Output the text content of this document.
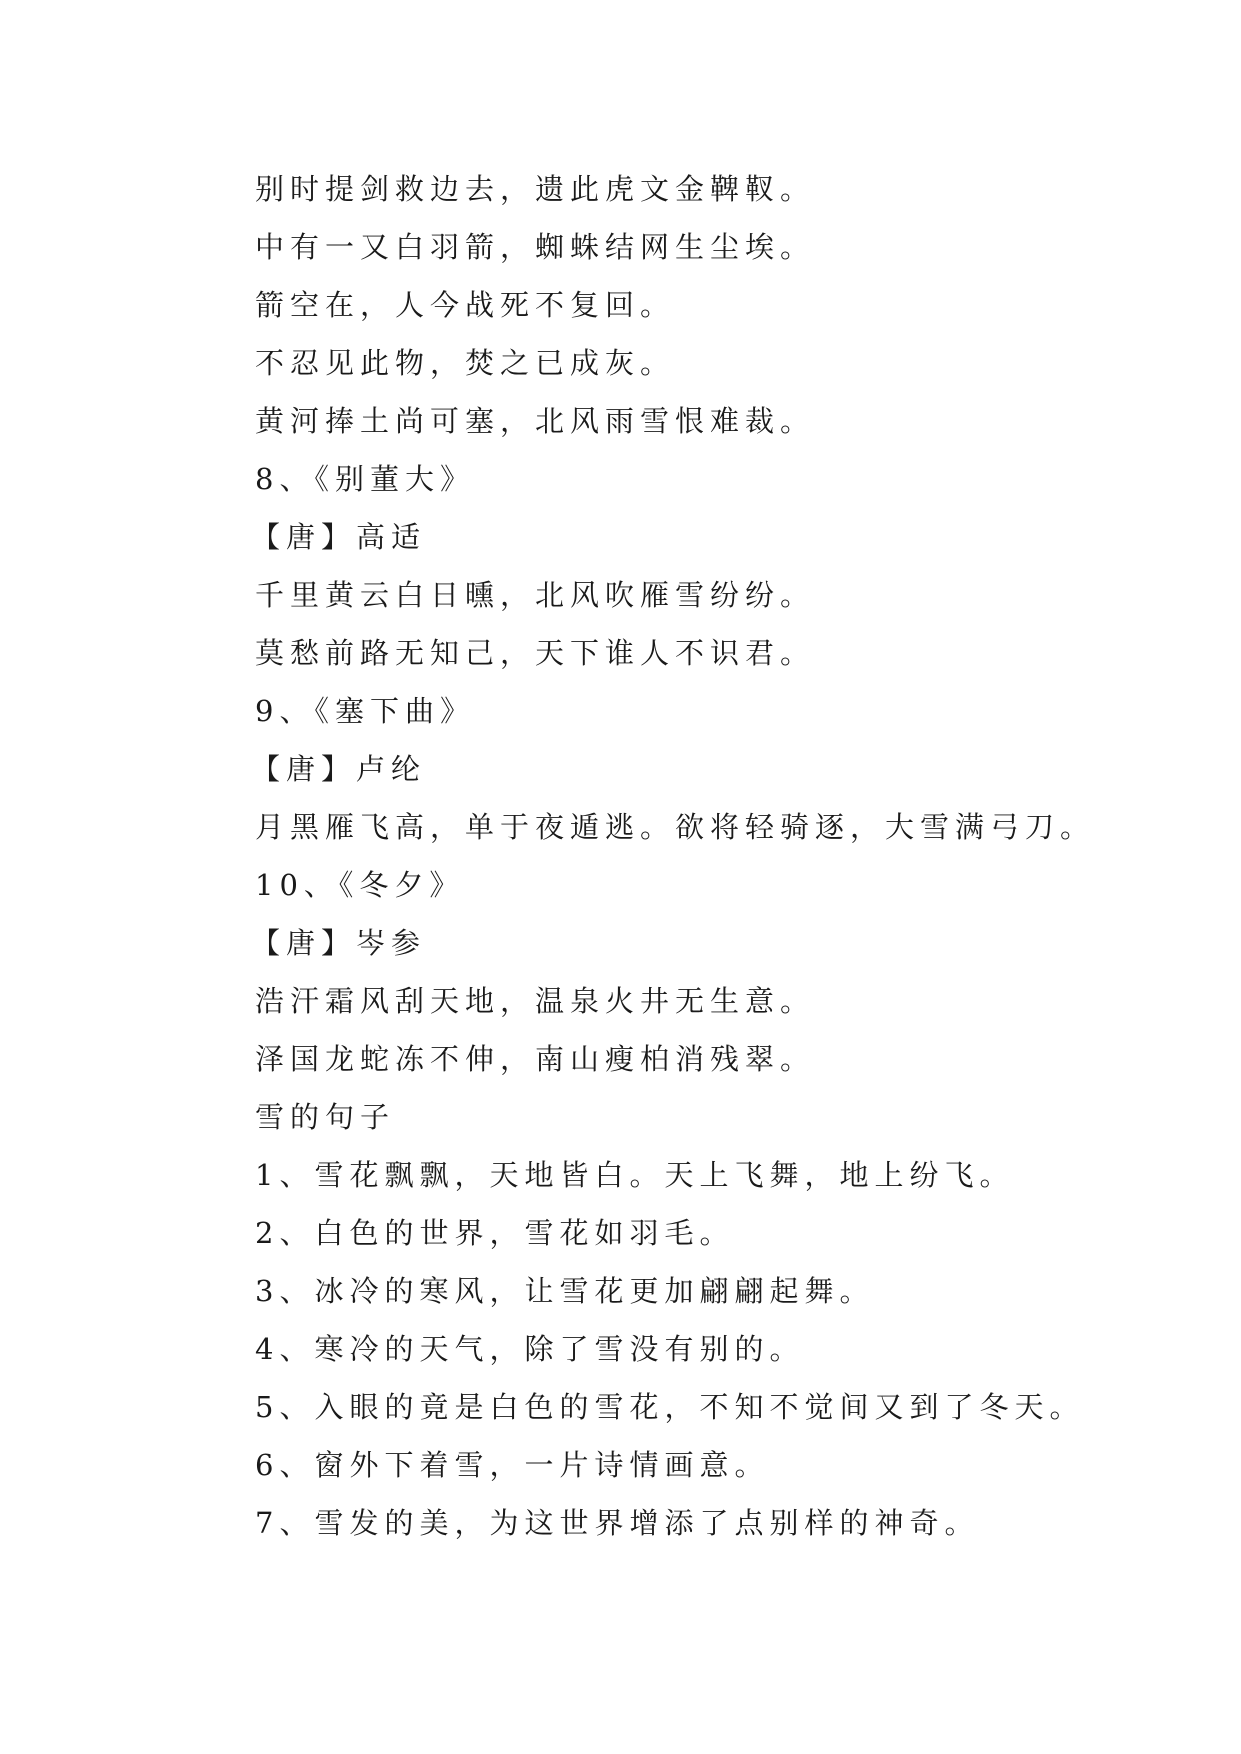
别时提剑救边去，遗此虎文金鞞靫。
中有一又白羽箭，蜘蛛结网生尘埃。
箭空在，人今战死不复回。
不忍见此物，焚之已成灰。
黄河捧土尚可塞，北风雨雪恨难裁。
8、《别董大》
【唐】高适
千里黄云白日曛，北风吹雁雪纷纷。
莫愁前路无知己，天下谁人不识君。
9、《塞下曲》
【唐】卢纶
月黑雁飞高，单于夜遁逃。欲将轻骑逐，大雪满弓刀。
10、《冬夕》
【唐】岑参
浩汗霜风刮天地，温泉火井无生意。
泽国龙蛇冻不伸，南山瘦柏消残翠。
雪的句子
1、雪花飘飘，天地皆白。天上飞舞，地上纷飞。
2、白色的世界，雪花如羽毛。
3、冰冷的寒风，让雪花更加翩翩起舞。
4、寒冷的天气，除了雪没有别的。
5、入眼的竟是白色的雪花，不知不觉间又到了冬天。
6、窗外下着雪，一片诗情画意。
7、雪发的美，为这世界增添了点别样的神奇。
